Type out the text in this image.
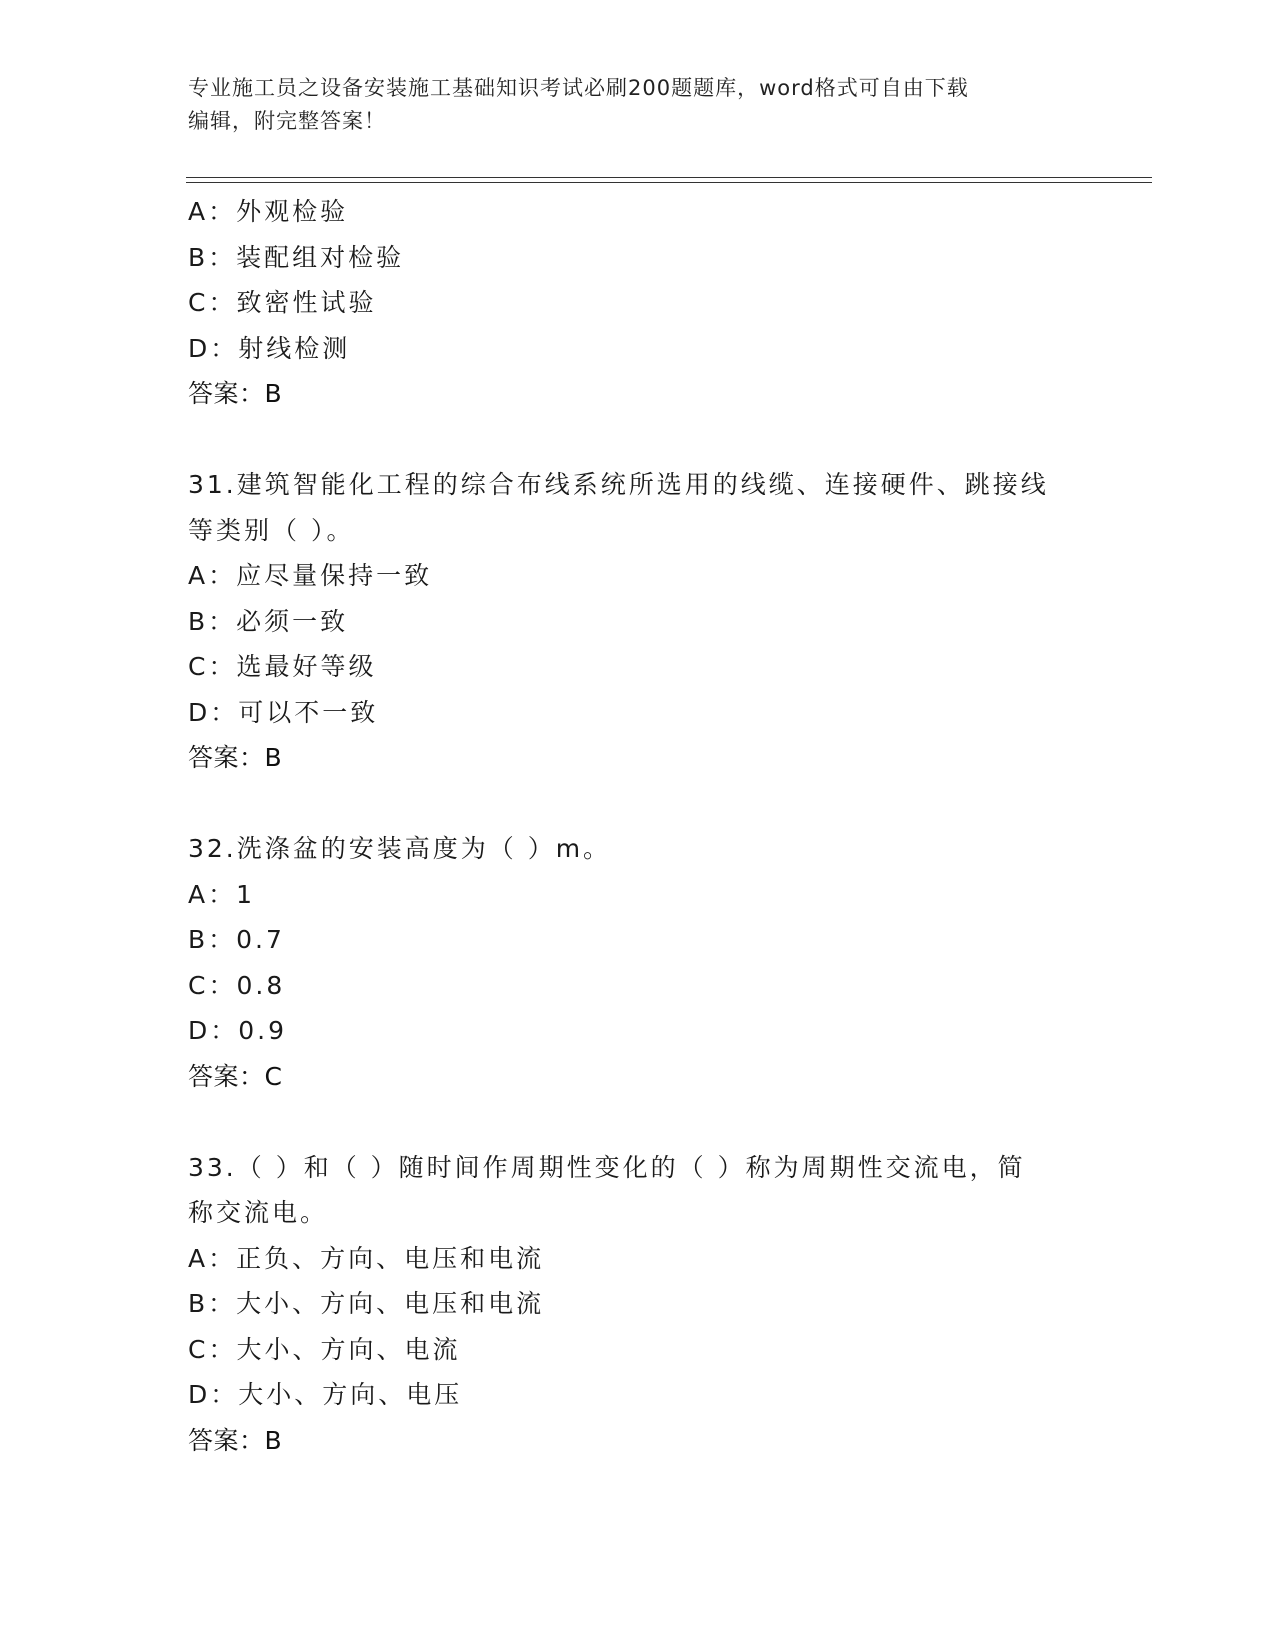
专业施工员之设备安装施工基础知识考试必刷200题题库，word格式可自由下载
编辑，附完整答案！
A：外观检验
B：装配组对检验
C：致密性试验
D：射线检测
答案：B
31.建筑智能化工程的综合布线系统所选用的线缆、连接硬件、跳接线
等类别（ ）。
A：应尽量保持一致
B：必须一致
C：选最好等级
D：可以不一致
答案：B
32.洗涤盆的安装高度为（ ）m。
A：1
B：0.7
C：0.8
D：0.9
答案：C
33.（ ）和（ ）随时间作周期性变化的（ ）称为周期性交流电，简
称交流电。
A：正负、方向、电压和电流
B：大小、方向、电压和电流
C：大小、方向、电流
D：大小、方向、电压
答案：B
